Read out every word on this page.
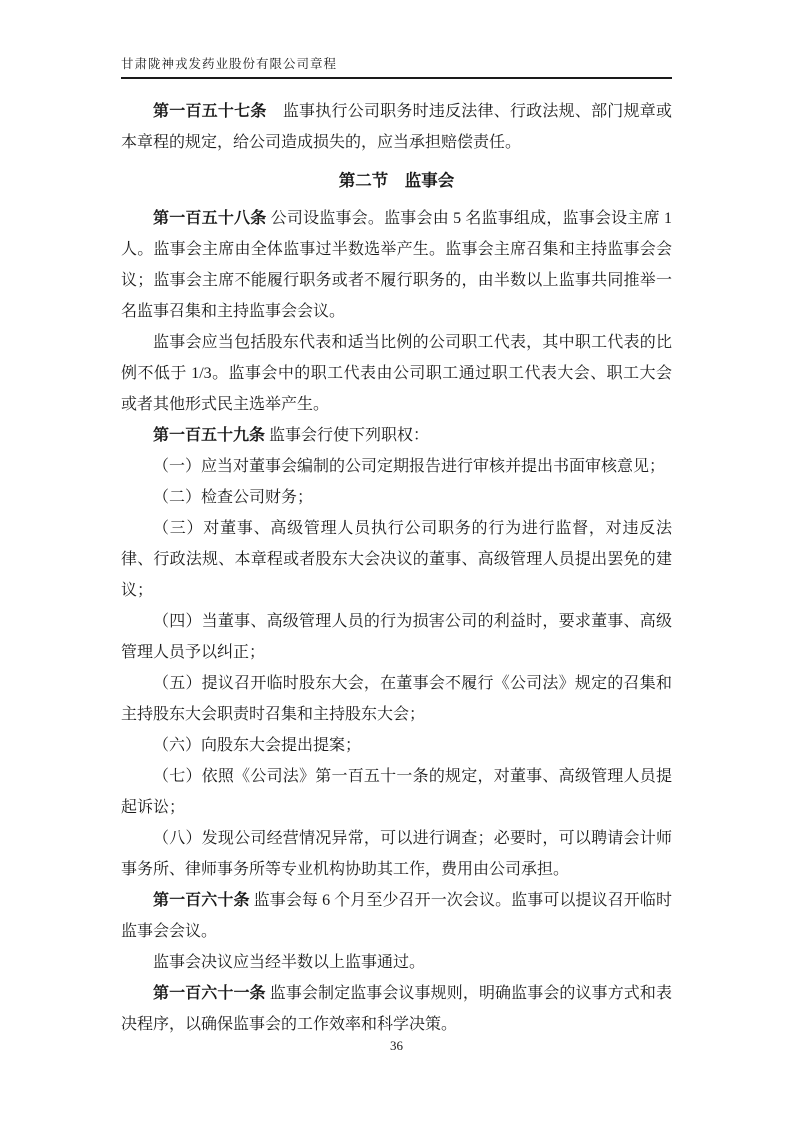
甘肃陇神戎发药业股份有限公司章程

第一百五十七条　 监事执行公司职务时违反法律、行政法规、部门规章或本章程的规定，给公司造成损失的，应当承担赔偿责任。

第二节　监事会

第一百五十八条 公司设监事会。监事会由 5 名监事组成，监事会设主席 1 人。监事会主席由全体监事过半数选举产生。监事会主席召集和主持监事会会议；监事会主席不能履行职务或者不履行职务的，由半数以上监事共同推举一名监事召集和主持监事会会议。

监事会应当包括股东代表和适当比例的公司职工代表，其中职工代表的比例不低于 1/3。监事会中的职工代表由公司职工通过职工代表大会、职工大会或者其他形式民主选举产生。

第一百五十九条 监事会行使下列职权：

（一）应当对董事会编制的公司定期报告进行审核并提出书面审核意见；

（二）检查公司财务；

（三）对董事、高级管理人员执行公司职务的行为进行监督，对违反法律、行政法规、本章程或者股东大会决议的董事、高级管理人员提出罢免的建议；

（四）当董事、高级管理人员的行为损害公司的利益时，要求董事、高级管理人员予以纠正；

（五）提议召开临时股东大会，在董事会不履行《公司法》规定的召集和主持股东大会职责时召集和主持股东大会；

（六）向股东大会提出提案；

（七）依照《公司法》第一百五十一条的规定，对董事、高级管理人员提起诉讼；

（八）发现公司经营情况异常，可以进行调查；必要时，可以聘请会计师事务所、律师事务所等专业机构协助其工作，费用由公司承担。

第一百六十条 监事会每 6 个月至少召开一次会议。监事可以提议召开临时监事会会议。

监事会决议应当经半数以上监事通过。

第一百六十一条 监事会制定监事会议事规则，明确监事会的议事方式和表决程序，以确保监事会的工作效率和科学决策。

36
